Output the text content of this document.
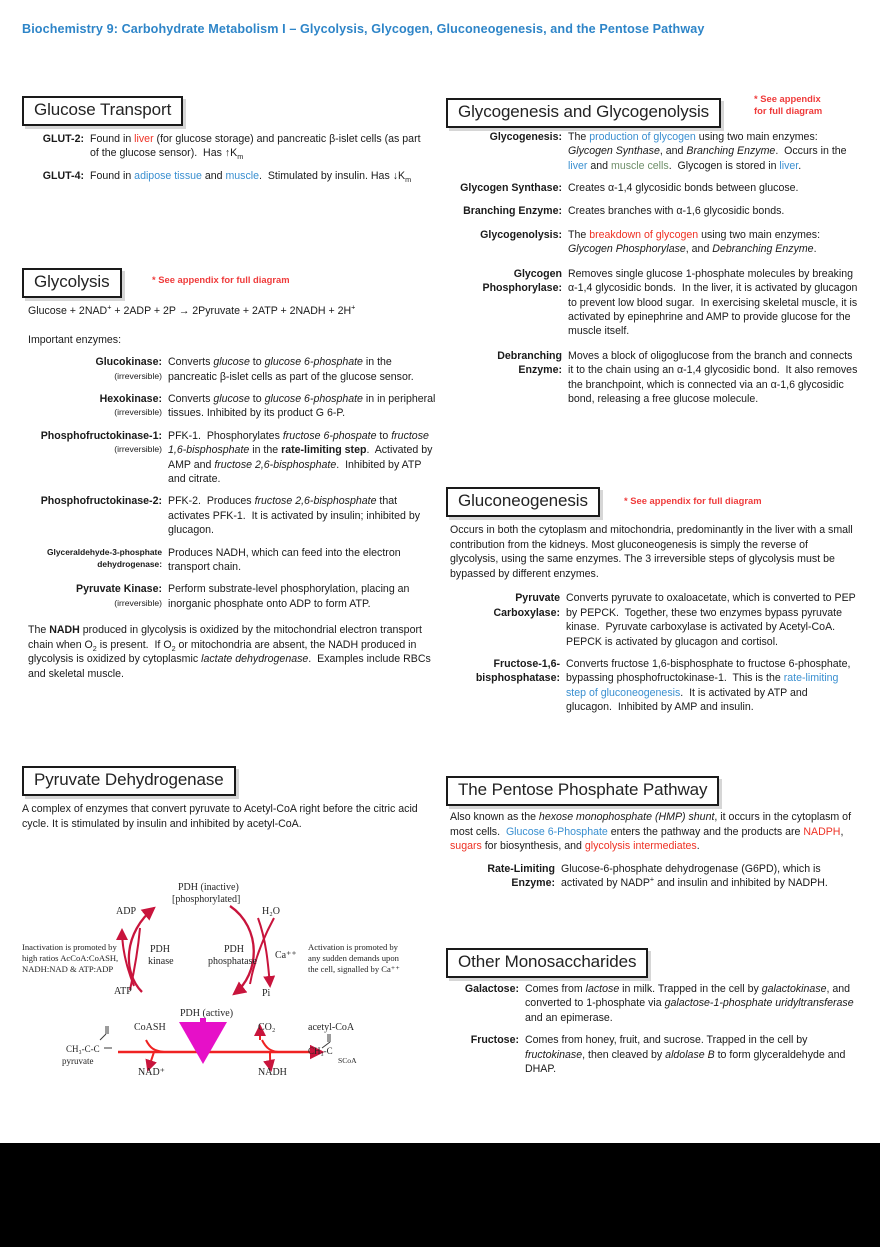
Biochemistry 9: Carbohydrate Metabolism I – Glycolysis, Glycogen, Gluconeogenesis, and the Pentose Pathway
Glucose Transport
GLUT-2: Found in liver (for glucose storage) and pancreatic β-islet cells (as part of the glucose sensor).  Has $↑K_m$
GLUT-4: Found in adipose tissue and muscle.  Stimulated by insulin. Has $↓K_m$
Glycolysis	* See appendix for full diagram
Glucose + 2NAD+ + 2ADP + 2P → 2Pyruvate + 2ATP + 2NADH + 2H+
Important enzymes:
Glucokinase:
(irreversible)
Converts glucose to glucose 6-phosphate in the pancreatic β-islet cells as part of the glucose sensor.
Hexokinase:
(irreversible)
Converts glucose to glucose 6-phosphate in in peripheral tissues. Inhibited by its product G 6-P.
Phosphofructokinase-1:
(irreversible)
PFK-1.  Phosphorylates fructose 6-phospate to fructose 1,6-bisphosphate in the rate-limiting step.  Activated by AMP and fructose 2,6-bisphosphate.  Inhibited by ATP and citrate.
Phosphofructokinase-2: PFK-2.  Produces fructose 2,6-bisphosphate that activates PFK-1.  It is activated by insulin; inhibited by glucagon.
Glyceraldehyde-3-phosphate dehydrogenase:
Produces NADH, which can feed into the electron transport chain.
Pyruvate Kinase:
(irreversible)
Perform substrate-level phosphorylation, placing an inorganic phosphate onto ADP to form ATP.
The NADH produced in glycolysis is oxidized by the mitochondrial electron transport chain when $O_2$ is present.  If $O_2$ or mitochondria are absent, the NADH produced in glycolysis is oxidized by cytoplasmic lactate dehydrogenase.  Examples include RBCs and skeletal muscle.
Pyruvate Dehydrogenase
A complex of enzymes that convert pyruvate to Acetyl-CoA right before the citric acid cycle. It is stimulated by insulin and inhibited by acetyl-CoA.
PDH (inactive)
[phosphorylated]
PDH (active)
ADP
ATP
H₂O
Pi
Ca⁺⁺
PDH
kinase
PDH
phosphatase
Inactivation is promoted by
high ratios AcCoA:CoASH,
NADH:NAD & ATP:ADP
Activation is promoted by
any sudden demands upon
the cell, signalled by Ca⁺⁺
CoASH
NAD⁺
CO₂
NADH
acetyl-CoA
CH₃-C-C
pyruvate
CH₃-C
SCoA
Glycogenesis and Glycogenolysis
* See appendix
for full diagram
Glycogenesis: The production of glycogen using two main enzymes: Glycogen Synthase, and Branching Enzyme.  Occurs in the liver and muscle cells.  Glycogen is stored in liver.
Glycogen Synthase: Creates α-1,4 glycosidic bonds between glucose.
Branching Enzyme: Creates branches with α-1,6 glycosidic bonds.
Glycogenolysis: The breakdown of glycogen using two main enzymes: Glycogen Phosphorylase, and Debranching Enzyme.
Glycogen
Phosphorylase:
Removes single glucose 1-phosphate molecules by breaking α-1,4 glycosidic bonds.  In the liver, it is activated by glucagon to prevent low blood sugar.  In exercising skeletal muscle, it is activated by epinephrine and AMP to provide glucose for the muscle itself.
Debranching
Enzyme:
Moves a block of oligoglucose from the branch and connects it to the chain using an α-1,4 glycosidic bond.  It also removes the branchpoint, which is connected via an α-1,6 glycosidic bond, releasing a free glucose molecule.
Gluconeogenesis	* See appendix for full diagram
Occurs in both the cytoplasm and mitochondria, predominantly in the liver with a small contribution from the kidneys. Most gluconeogenesis is simply the reverse of glycolysis, using the same enzymes. The 3 irreversible steps of glycolysis must be bypassed by different enzymes.
Pyruvate
Carboxylase:
Converts pyruvate to oxaloacetate, which is converted to PEP by PEPCK.  Together, these two enzymes bypass pyruvate kinase.  Pyruvate carboxylase is activated by Acetyl-CoA.  PEPCK is activated by glucagon and cortisol.
Fructose-1,6-
bisphosphatase:
Converts fructose 1,6-bisphosphate to fructose 6-phosphate, bypassing phosphofructokinase-1.  This is the rate-limiting step of gluconeogenesis.  It is activated by ATP and glucagon.  Inhibited by AMP and insulin.
The Pentose Phosphate Pathway
Also known as the hexose monophosphate (HMP) shunt, it occurs in the cytoplasm of most cells.  Glucose 6-Phosphate enters the pathway and the products are NADPH, sugars for biosynthesis, and glycolysis intermediates.
Rate-Limiting
Enzyme:
Glucose-6-phosphate dehydrogenase (G6PD), which is activated by NADP+ and insulin and inhibited by NADPH.
Other Monosaccharides
Galactose: Comes from lactose in milk. Trapped in the cell by galactokinase, and converted to 1-phosphate via galactose-1-phosphate uridyltransferase and an epimerase.
Fructose: Comes from honey, fruit, and sucrose. Trapped in the cell by fructokinase, then cleaved by aldolase B to form glyceraldehyde and DHAP.
